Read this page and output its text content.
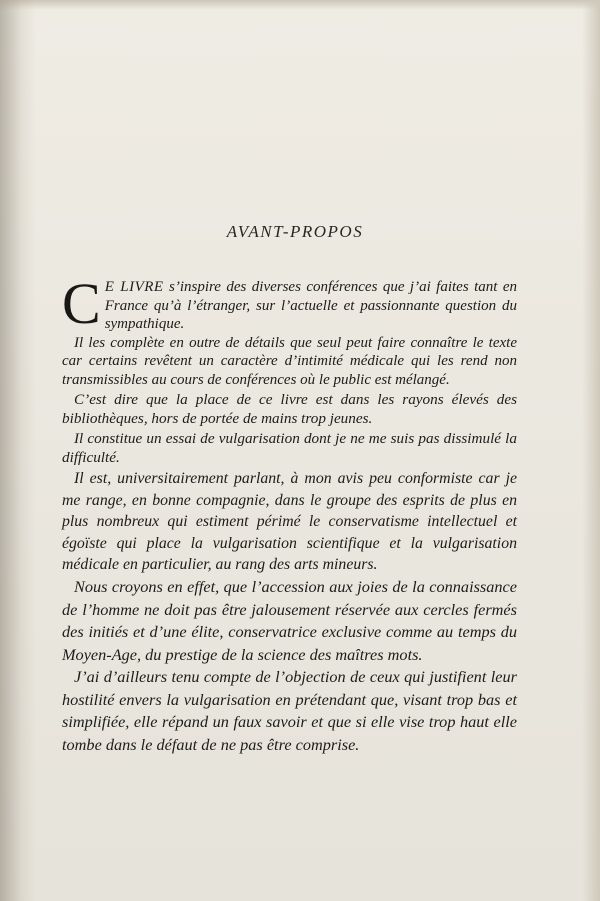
AVANT-PROPOS

C E LIVRE s’inspire des diverses conférences que j’ai faites tant en France qu’à l’étranger, sur l’actuelle et passionnante question du sympathique.

Il les complète en outre de détails que seul peut faire connaître le texte car certains revêtent un caractère d’intimité médicale qui les rend non transmissibles au cours de conférences où le public est mélangé.

C’est dire que la place de ce livre est dans les rayons élevés des bibliothèques, hors de portée de mains trop jeunes.

Il constitue un essai de vulgarisation dont je ne me suis pas dissimulé la difficulté.

Il est, universitairement parlant, à mon avis peu conformiste car je me range, en bonne compagnie, dans le groupe des esprits de plus en plus nombreux qui estiment périmé le conservatisme intellectuel et égoïste qui place la vulgarisation scientifique et la vulgarisation médicale en particulier, au rang des arts mineurs.

Nous croyons en effet, que l’accession aux joies de la connaissance de l’homme ne doit pas être jalousement réservée aux cercles fermés des initiés et d’une élite, conservatrice exclusive comme au temps du Moyen-Age, du prestige de la science des maîtres mots.

J’ai d’ailleurs tenu compte de l’objection de ceux qui justifient leur hostilité envers la vulgarisation en prétendant que, visant trop bas et simplifiée, elle répand un faux savoir et que si elle vise trop haut elle tombe dans le défaut de ne pas être comprise.
